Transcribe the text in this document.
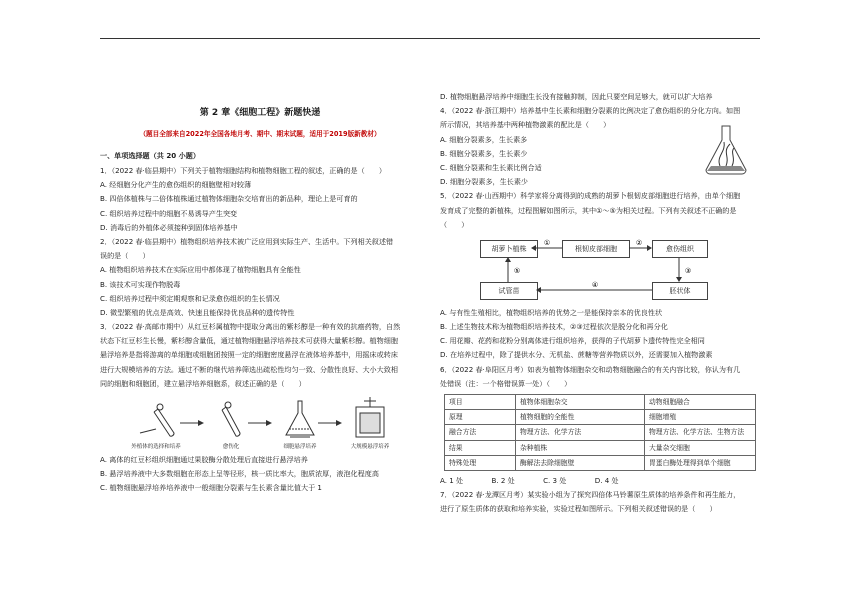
第 2 章《细胞工程》新题快递
（题目全部来自2022年全国各地月考、期中、期末试题，适用于2019版新教材）
一、单项选择题（共 20 小题）
1．（2022 春·临县期中）下列关于植物细胞结构和植物细胞工程的叙述，正确的是（　　）
A. 经细胞分化产生的愈伤组织的细胞壁相对较薄
B. 四倍体植株与二倍体植株通过植物体细胞杂交培育出的新品种，理论上是可育的
C. 组织培养过程中的细胞不易诱导产生突变
D. 消毒后的外植体必须接种到固体培养基中
2．（2022 春·临县期中）植物组织培养技术被广泛应用到实际生产、生活中。下列相关叙述错
误的是（　　）
A. 植物组织培养技术在实际应用中都体现了植物细胞具有全能性
B. 该技术可实现作物脱毒
C. 组织培养过程中须定期观察和记录愈伤组织的生长情况
D. 微型繁殖的优点是高效、快速且能保持优良品种的遗传特性
3．（2022 春·高邮市期中）从红豆杉属植物中提取分离出的紫杉醇是一种有效的抗癌药物，自然
状态下红豆杉生长慢，紫杉醇含量低，通过植物细胞悬浮培养技术可获得大量紫杉醇。植物细胞
悬浮培养是指将游离的单细胞或细胞团按照一定的细胞密度悬浮在液体培养基中，用摇床或转床
进行大规模培养的方法。通过不断的继代培养筛选出疏松性均匀一致、分散性良好、大小大致相
同的细胞和细胞团，建立悬浮培养细胞系，叙述正确的是（　　）
外植体的选择和培养	愈伤化	细胞悬浮培养	大规模悬浮培养
A. 离体的红豆杉组织细胞通过果胶酶分散处理后直接进行悬浮培养
B. 悬浮培养液中大多数细胞在形态上呈等径形，核一质比率大，胞质浓厚，液泡化程度高
C. 植物细胞悬浮培养培养液中一般细胞分裂素与生长素含量比值大于 1
D. 植物细胞悬浮培养中细胞生长没有接触抑制，因此只要空间足够大，就可以扩大培养
4．（2022 春·浙江期中）培养基中生长素和细胞分裂素的比例决定了愈伤组织的分化方向。如图
所示情况，其培养基中两种植物激素的配比是（　　）
A. 细胞分裂素多，生长素多
B. 细胞分裂素多，生长素少
C. 细胞分裂素和生长素比例合适
D. 细胞分裂素多，生长素少
5．（2022 春·山西期中）科学家将分离得到的成熟的胡萝卜根韧皮部细胞进行培养，由单个细胞
发育成了完整的新植株，过程图解如图所示，其中①～⑤为相关过程。下列有关叙述不正确的是
（　　）
胡萝卜植株	根韧皮部细胞	愈伤组织
胚状体
试管苗
①	②
③
④
⑤
A. 与有性生殖相比，植物组织培养的优势之一是能保持亲本的优良性状
B. 上述生物技术称为植物组织培养技术，②③过程依次是脱分化和再分化
C. 用花瓣、花药和花粉分别离体进行组织培养，获得的子代胡萝卜遗传特性完全相同
D. 在培养过程中，除了提供水分、无机盐、蔗糖等营养物质以外，还需要加入植物激素
6．（2022 春·阜阳区月考）如表为植物体细胞杂交和动物细胞融合的有关内容比较，你认为有几
处错误（注：一个格错误算一处）（　　）
项目	植物体细胞杂交	动物细胞融合
原理	植物细胞的全能性	细胞增殖
融合方法	物理方法、化学方法	物理方法、化学方法、生物方法
结果	杂种植株	大量杂交细胞
特殊处理	酶解法去除细胞壁	胃蛋白酶处理得到单个细胞
A. 1 处　　　　B. 2 处　　　　C. 3 处　　　　D. 4 处
7．（2022 春·龙潭区月考）某实验小组为了探究四倍体马铃薯原生质体的培养条件和再生能力，
进行了原生质体的获取和培养实验，实验过程如图所示。下列相关叙述错误的是（　　）
